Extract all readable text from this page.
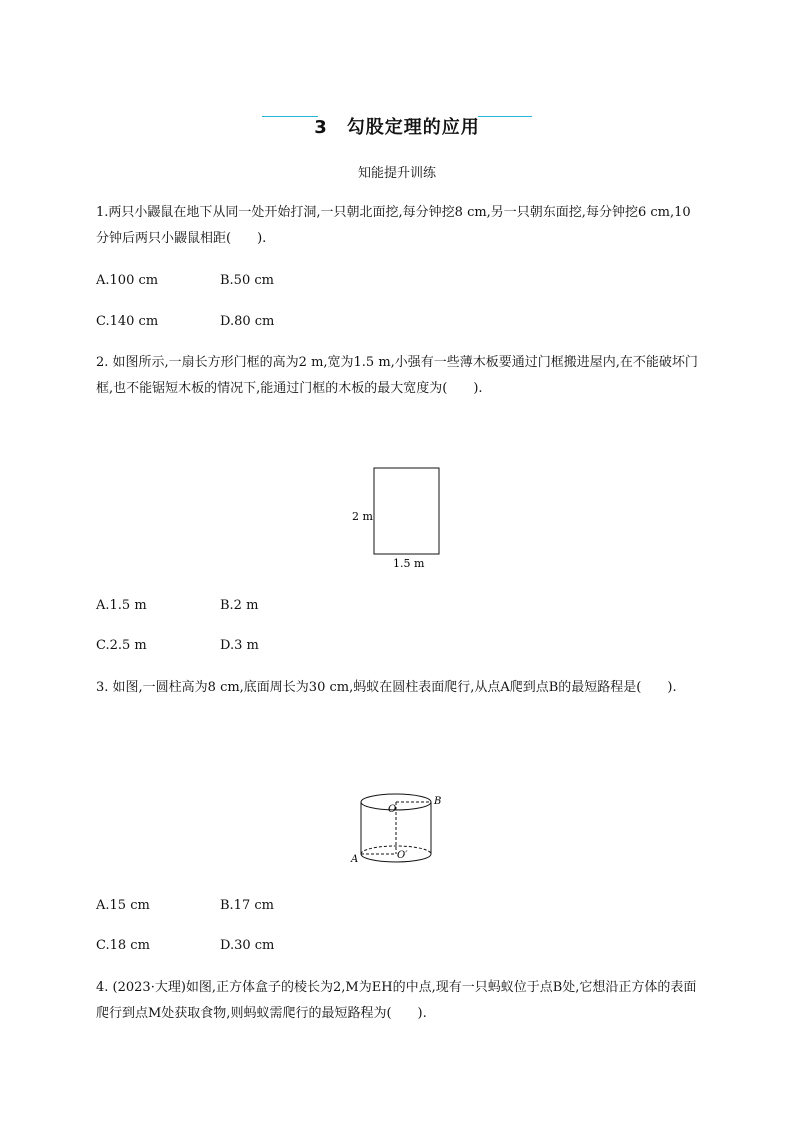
3　勾股定理的应用
知能提升训练
1.两只小鼹鼠在地下从同一处开始打洞,一只朝北面挖,每分钟挖8 cm,另一只朝东面挖,每分钟挖6 cm,10 分钟后两只小鼹鼠相距(　　).
A.100 cm	B.50 cm
C.140 cm	D.80 cm
2. 如图所示,一扇长方形门框的高为2 m,宽为1.5 m,小强有一些薄木板要通过门框搬进屋内,在不能破坏门框,也不能锯短木板的情况下,能通过门框的木板的最大宽度为(　　).
2 m
1.5 m
A.1.5 m	B.2 m
C.2.5 m	D.3 m
3. 如图,一圆柱高为8 cm,底面周长为30 cm,蚂蚁在圆柱表面爬行,从点A爬到点B的最短路程是(　　).
O
O′
B
A
A.15 cm	B.17 cm
C.18 cm	D.30 cm
4. (2023·大理)如图,正方体盒子的棱长为2,M为EH的中点,现有一只蚂蚁位于点B处,它想沿正方体的表面爬行到点M处获取食物,则蚂蚁需爬行的最短路程为(　　).
